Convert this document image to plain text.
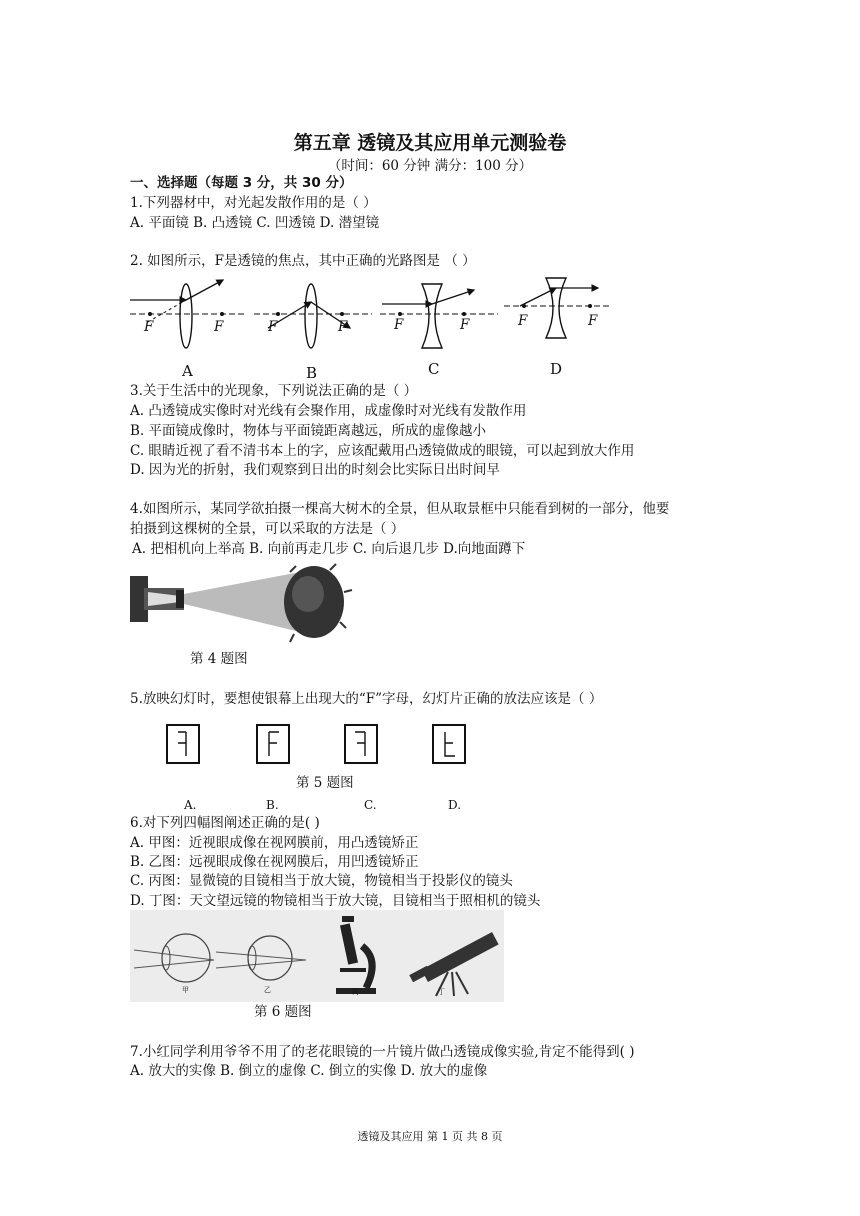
第五章 透镜及其应用单元测验卷
（时间：60 分钟 满分：100 分）
一、选择题（每题 3 分，共 30 分）
1.下列器材中，对光起发散作用的是（ ）
A. 平面镜 B. 凸透镜 C. 凹透镜 D. 潜望镜
2. 如图所示，F是透镜的焦点，其中正确的光路图是 （ ）
F	F	F	F	F	F	F	F
A	B	C	D
3.关于生活中的光现象，下列说法正确的是（ ）
A. 凸透镜成实像时对光线有会聚作用，成虚像时对光线有发散作用
B. 平面镜成像时，物体与平面镜距离越远，所成的虚像越小
C. 眼睛近视了看不清书本上的字，应该配戴用凸透镜做成的眼镜，可以起到放大作用
D. 因为光的折射，我们观察到日出的时刻会比实际日出时间早
4.如图所示，某同学欲拍摄一棵高大树木的全景，但从取景框中只能看到树的一部分，他要
拍摄到这棵树的全景，可以采取的方法是（ ）
A. 把相机向上举高 B. 向前再走几步 C. 向后退几步 D.向地面蹲下
第 4 题图
5.放映幻灯时，要想使银幕上出现大的“F”字母，幻灯片正确的放法应该是（ ）
第 5 题图
A.	B.	C.	D.
6.对下列四幅图阐述正确的是( )
A. 甲图：近视眼成像在视网膜前，用凸透镜矫正
B. 乙图：远视眼成像在视网膜后，用凹透镜矫正
C. 丙图：显微镜的目镜相当于放大镜，物镜相当于投影仪的镜头
D. 丁图：天文望远镜的物镜相当于放大镜，目镜相当于照相机的镜头
甲	乙	丙	丁
第 6 题图
7.小红同学利用爷爷不用了的老花眼镜的一片镜片做凸透镜成像实验,肯定不能得到( )
A. 放大的实像 B. 倒立的虚像 C. 倒立的实像 D. 放大的虚像
透镜及其应用 第 1 页 共 8 页
